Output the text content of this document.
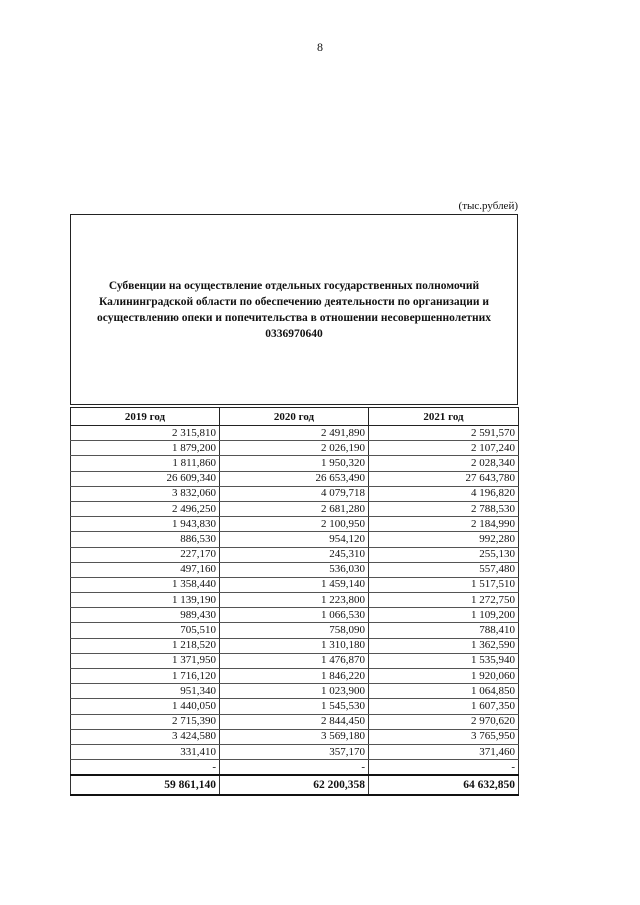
8
(тыс.рублей)
Субвенции на осуществление отдельных государственных полномочий Калининградской области по обеспечению деятельности по организации и осуществлению опеки и попечительства в отношении несовершеннолетних 0336970640
2019 год	2020 год	2021 год
2 315,810	2 491,890	2 591,570
1 879,200	2 026,190	2 107,240
1 811,860	1 950,320	2 028,340
26 609,340	26 653,490	27 643,780
3 832,060	4 079,718	4 196,820
2 496,250	2 681,280	2 788,530
1 943,830	2 100,950	2 184,990
886,530	954,120	992,280
227,170	245,310	255,130
497,160	536,030	557,480
1 358,440	1 459,140	1 517,510
1 139,190	1 223,800	1 272,750
989,430	1 066,530	1 109,200
705,510	758,090	788,410
1 218,520	1 310,180	1 362,590
1 371,950	1 476,870	1 535,940
1 716,120	1 846,220	1 920,060
951,340	1 023,900	1 064,850
1 440,050	1 545,530	1 607,350
2 715,390	2 844,450	2 970,620
3 424,580	3 569,180	3 765,950
331,410	357,170	371,460
-	-	-
59 861,140	62 200,358	64 632,850
